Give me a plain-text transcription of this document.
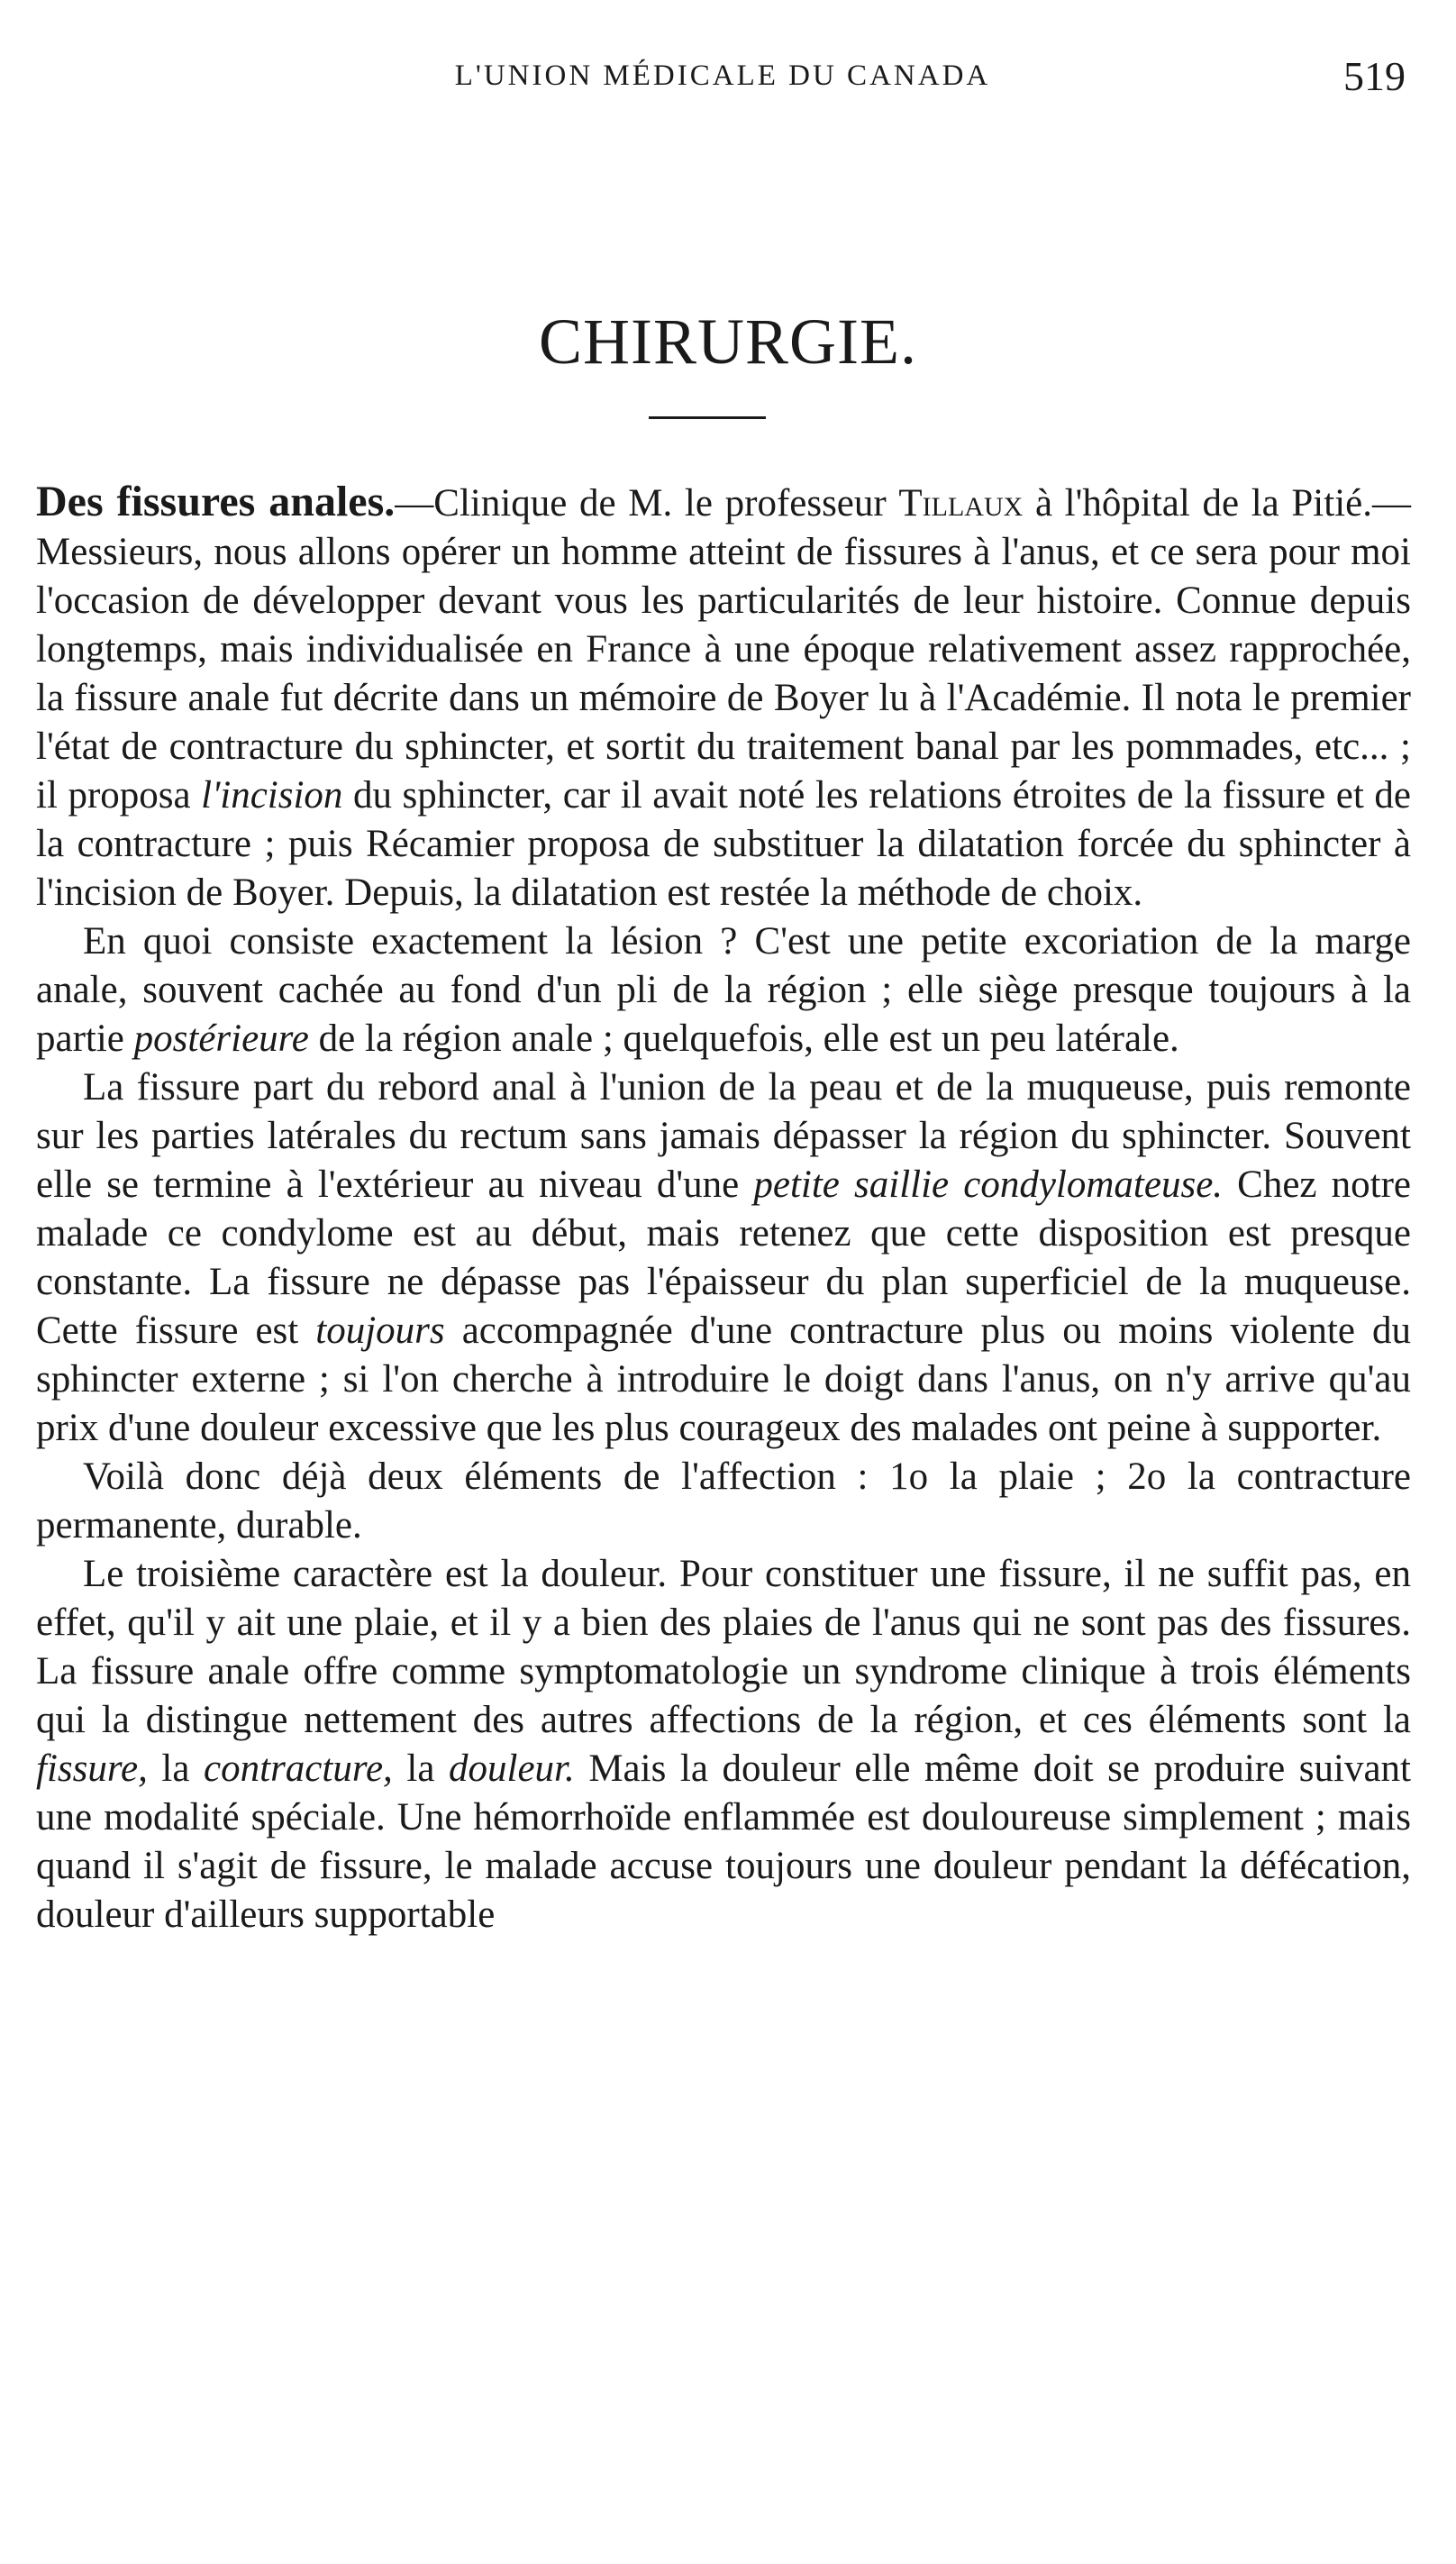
L'UNION MÉDICALE DU CANADA	519
CHIRURGIE.

Des fissures anales.—Clinique de M. le professeur Tillaux à l'hôpital de la Pitié.—Messieurs, nous allons opérer un homme atteint de fissures à l'anus, et ce sera pour moi l'occasion de développer devant vous les particularités de leur histoire. Connue depuis longtemps, mais individualisée en France à une époque relativement assez rapprochée, la fissure anale fut décrite dans un mémoire de Boyer lu à l'Académie. Il nota le premier l'état de contracture du sphincter, et sortit du traitement banal par les pommades, etc... ; il proposa l'incision du sphincter, car il avait noté les relations étroites de la fissure et de la contracture ; puis Récamier proposa de substituer la dilatation forcée du sphincter à l'incision de Boyer. Depuis, la dilatation est restée la méthode de choix.

En quoi consiste exactement la lésion ? C'est une petite excoriation de la marge anale, souvent cachée au fond d'un pli de la région ; elle siège presque toujours à la partie postérieure de la région anale ; quelquefois, elle est un peu latérale.

La fissure part du rebord anal à l'union de la peau et de la muqueuse, puis remonte sur les parties latérales du rectum sans jamais dépasser la région du sphincter. Souvent elle se termine à l'extérieur au niveau d'une petite saillie condylomateuse. Chez notre malade ce condylome est au début, mais retenez que cette disposition est presque constante. La fissure ne dépasse pas l'épaisseur du plan superficiel de la muqueuse. Cette fissure est toujours accompagnée d'une contracture plus ou moins violente du sphincter externe ; si l'on cherche à introduire le doigt dans l'anus, on n'y arrive qu'au prix d'une douleur excessive que les plus courageux des malades ont peine à supporter.

Voilà donc déjà deux éléments de l'affection : 1o la plaie ; 2o la contracture permanente, durable.

Le troisième caractère est la douleur. Pour constituer une fissure, il ne suffit pas, en effet, qu'il y ait une plaie, et il y a bien des plaies de l'anus qui ne sont pas des fissures. La fissure anale offre comme symptomatologie un syndrome clinique à trois éléments qui la distingue nettement des autres affections de la région, et ces éléments sont la fissure, la contracture, la douleur. Mais la douleur elle même doit se produire suivant une modalité spéciale. Une hémorrhoïde enflammée est douloureuse simplement ; mais quand il s'agit de fissure, le malade accuse toujours une douleur pendant la défécation, douleur d'ailleurs supportable
